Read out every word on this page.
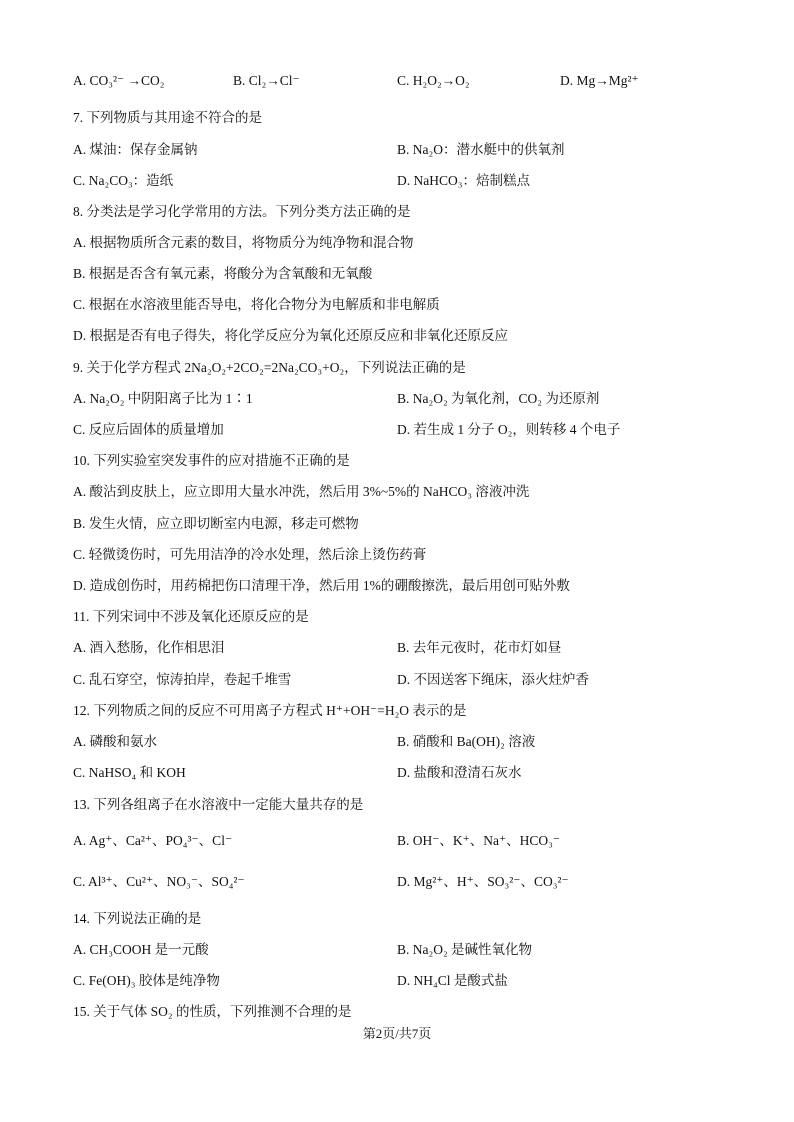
A. CO₃²⁻ →CO₂	B. Cl₂→Cl⁻	C. H₂O₂→O₂	D. Mg→Mg²⁺
7. 下列物质与其用途不符合的是
A. 煤油：保存金属钠	B. Na₂O：潜水艇中的供氧剂
C. Na₂CO₃：造纸	D. NaHCO₃：焙制糕点
8. 分类法是学习化学常用的方法。下列分类方法正确的是
A. 根据物质所含元素的数目，将物质分为纯净物和混合物
B. 根据是否含有氧元素，将酸分为含氧酸和无氧酸
C. 根据在水溶液里能否导电，将化合物分为电解质和非电解质
D. 根据是否有电子得失，将化学反应分为氧化还原反应和非氧化还原反应
9. 关于化学方程式 2Na₂O₂+2CO₂=2Na₂CO₃+O₂，下列说法正确的是
A. Na₂O₂ 中阴阳离子比为 1∶1	B. Na₂O₂ 为氧化剂，CO₂ 为还原剂
C. 反应后固体的质量增加	D. 若生成 1 分子 O₂，则转移 4 个电子
10. 下列实验室突发事件的应对措施不正确的是
A. 酸沾到皮肤上，应立即用大量水冲洗，然后用 3%~5%的 NaHCO₃ 溶液冲洗
B. 发生火情，应立即切断室内电源，移走可燃物
C. 轻微烫伤时，可先用洁净的冷水处理，然后涂上烫伤药膏
D. 造成创伤时，用药棉把伤口清理干净，然后用 1%的硼酸擦洗，最后用创可贴外敷
11. 下列宋词中不涉及氧化还原反应的是
A. 酒入愁肠，化作相思泪	B. 去年元夜时，花市灯如昼
C. 乱石穿空，惊涛拍岸，卷起千堆雪	D. 不因送客下绳床，添火炷炉香
12. 下列物质之间的反应不可用离子方程式 H⁺+OH⁻=H₂O 表示的是
A. 磷酸和氨水	B. 硝酸和 Ba(OH)₂ 溶液
C. NaHSO₄ 和 KOH	D. 盐酸和澄清石灰水
13. 下列各组离子在水溶液中一定能大量共存的是
A. Ag⁺、Ca²⁺、PO₄³⁻、Cl⁻	B. OH⁻、K⁺、Na⁺、HCO₃⁻
C. Al³⁺、Cu²⁺、NO₃⁻、SO₄²⁻	D. Mg²⁺、H⁺、SO₃²⁻、CO₃²⁻
14. 下列说法正确的是
A. CH₃COOH 是一元酸	B. Na₂O₂ 是碱性氧化物
C. Fe(OH)₃ 胶体是纯净物	D. NH₄Cl 是酸式盐
15. 关于气体 SO₂ 的性质，下列推测不合理的是
第2页/共7页
